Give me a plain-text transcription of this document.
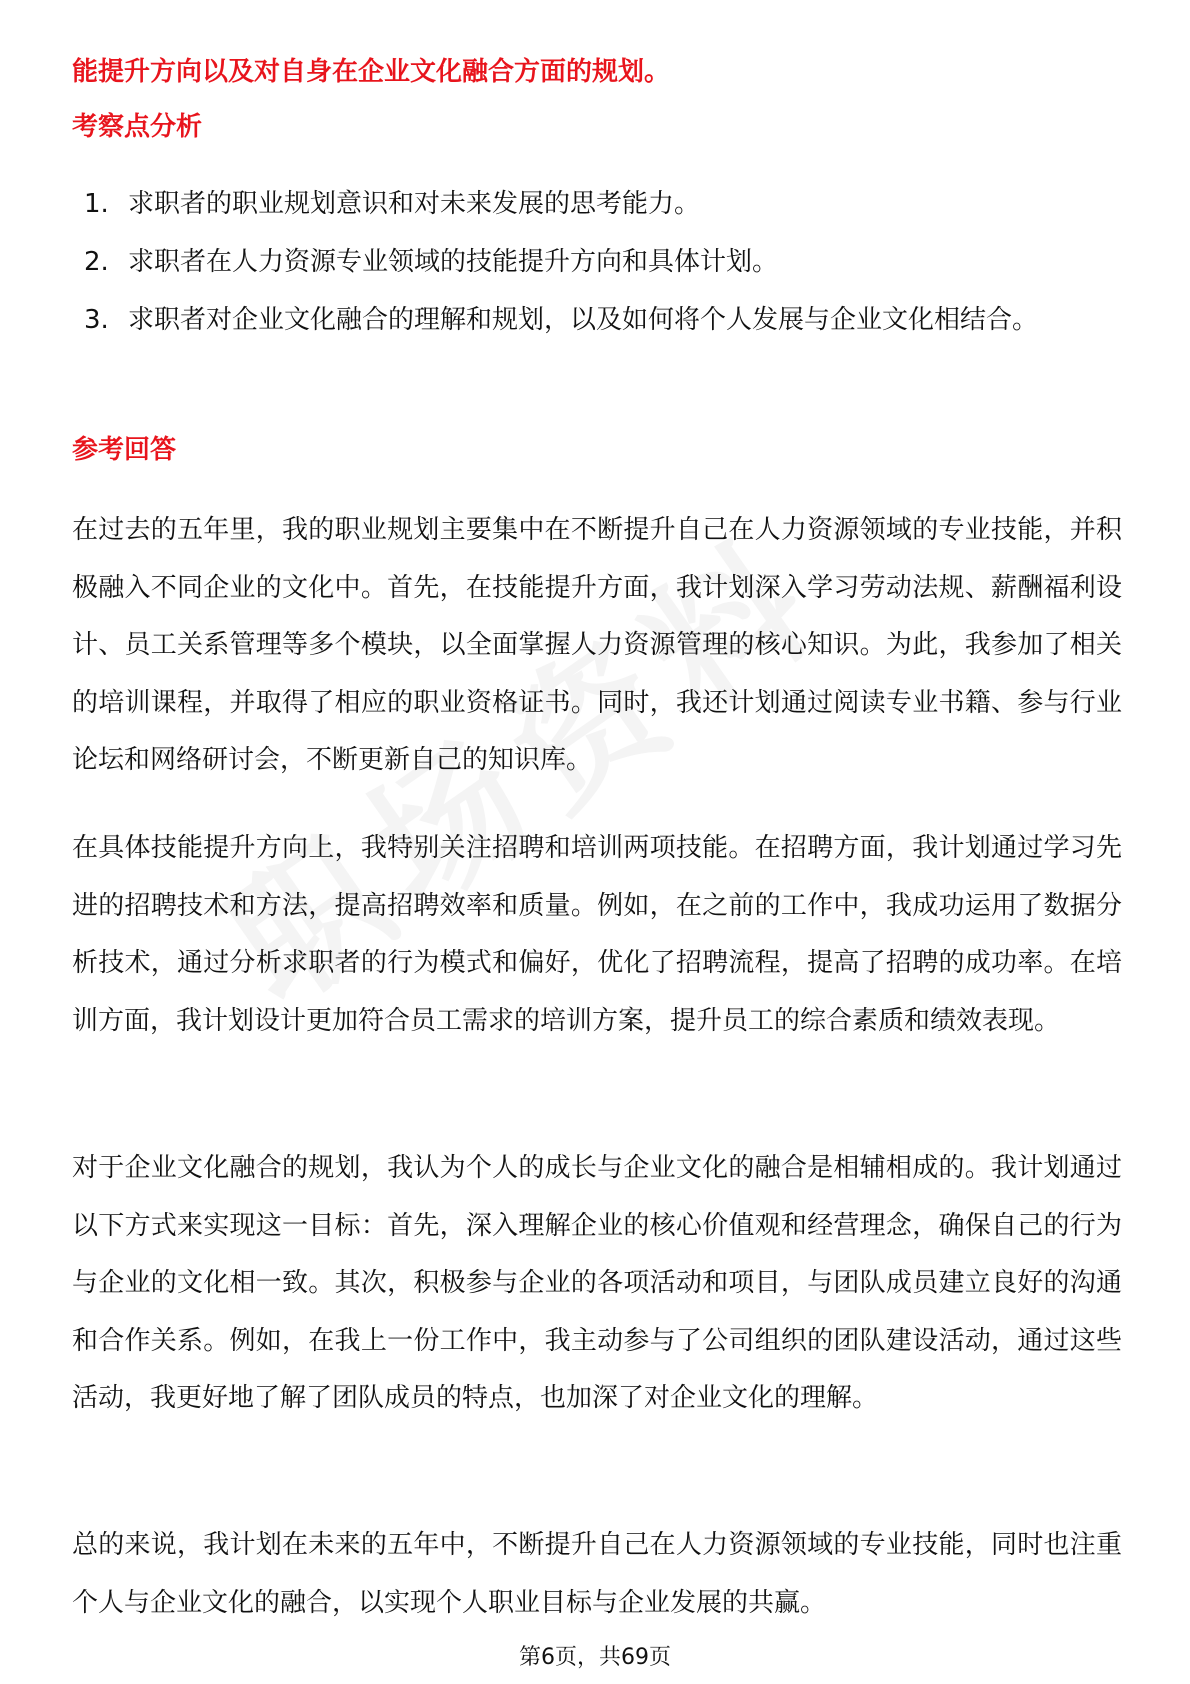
能提升方向以及对自身在企业文化融合方面的规划。
考察点分析
1. 求职者的职业规划意识和对未来发展的思考能力。
2. 求职者在人力资源专业领域的技能提升方向和具体计划。
3. 求职者对企业文化融合的理解和规划，以及如何将个人发展与企业文化相结合。
参考回答

在过去的五年里，我的职业规划主要集中在不断提升自己在人力资源领域的专业技能，并积极融入不同企业的文化中。首先，在技能提升方面，我计划深入学习劳动法规、薪酬福利设计、员工关系管理等多个模块，以全面掌握人力资源管理的核心知识。为此，我参加了相关的培训课程，并取得了相应的职业资格证书。同时，我还计划通过阅读专业书籍、参与行业论坛和网络研讨会，不断更新自己的知识库。

在具体技能提升方向上，我特别关注招聘和培训两项技能。在招聘方面，我计划通过学习先进的招聘技术和方法，提高招聘效率和质量。例如，在之前的工作中，我成功运用了数据分析技术，通过分析求职者的行为模式和偏好，优化了招聘流程，提高了招聘的成功率。在培训方面，我计划设计更加符合员工需求的培训方案，提升员工的综合素质和绩效表现。

对于企业文化融合的规划，我认为个人的成长与企业文化的融合是相辅相成的。我计划通过以下方式来实现这一目标：首先，深入理解企业的核心价值观和经营理念，确保自己的行为与企业的文化相一致。其次，积极参与企业的各项活动和项目，与团队成员建立良好的沟通和合作关系。例如，在我上一份工作中，我主动参与了公司组织的团队建设活动，通过这些活动，我更好地了解了团队成员的特点，也加深了对企业文化的理解。

总的来说，我计划在未来的五年中，不断提升自己在人力资源领域的专业技能，同时也注重个人与企业文化的融合，以实现个人职业目标与企业发展的共赢。

第6页，共69页
